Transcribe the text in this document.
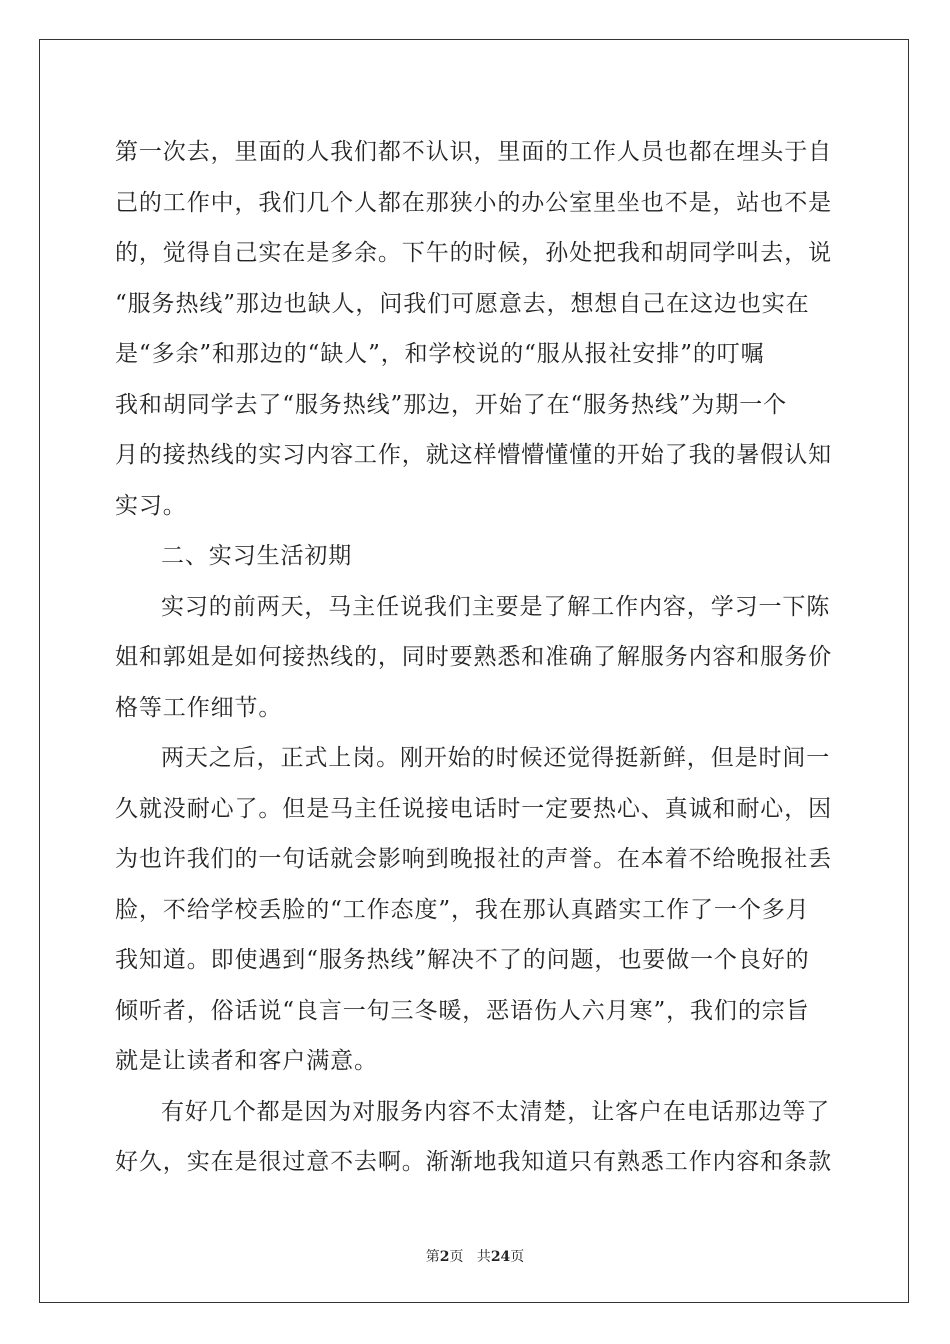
第一次去，里面的人我们都不认识，里面的工作人员也都在埋头于自
己的工作中，我们几个人都在那狭小的办公室里坐也不是，站也不是
的，觉得自己实在是多余。下午的时候，孙处把我和胡同学叫去，说
“服务热线”那边也缺人，问我们可愿意去，想想自己在这边也实在
是“多余”和那边的“缺人”，和学校说的“服从报社安排”的叮嘱
我和胡同学去了“服务热线”那边，开始了在“服务热线”为期一个
月的接热线的实习内容工作，就这样懵懵懂懂的开始了我的暑假认知
实习。
二、实习生活初期
实习的前两天，马主任说我们主要是了解工作内容，学习一下陈
姐和郭姐是如何接热线的，同时要熟悉和准确了解服务内容和服务价
格等工作细节。
两天之后，正式上岗。刚开始的时候还觉得挺新鲜，但是时间一
久就没耐心了。但是马主任说接电话时一定要热心、真诚和耐心，因
为也许我们的一句话就会影响到晚报社的声誉。在本着不给晚报社丢
脸，不给学校丢脸的“工作态度”，我在那认真踏实工作了一个多月
我知道。即使遇到“服务热线”解决不了的问题，也要做一个良好的
倾听者，俗话说“良言一句三冬暖，恶语伤人六月寒”，我们的宗旨
就是让读者和客户满意。
有好几个都是因为对服务内容不太清楚，让客户在电话那边等了
好久，实在是很过意不去啊。渐渐地我知道只有熟悉工作内容和条款
第2页 共24页
